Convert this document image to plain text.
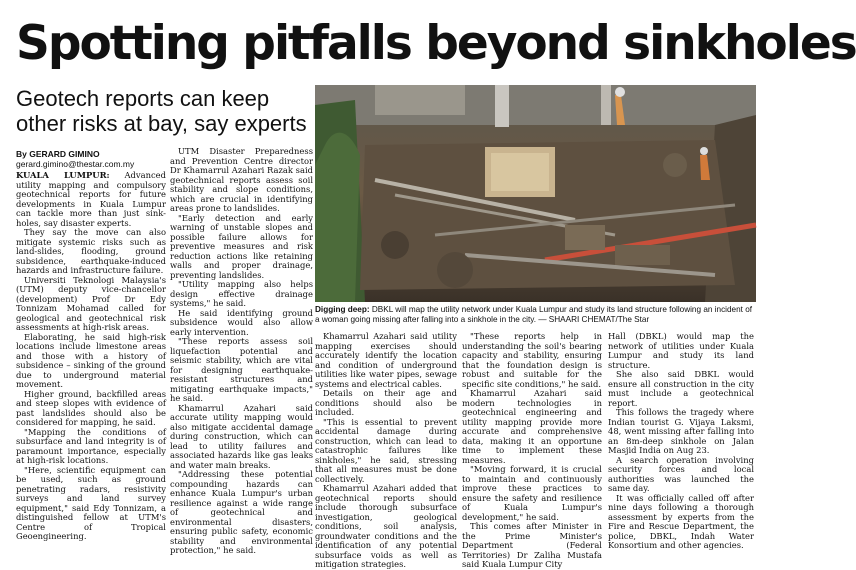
Spotting pitfalls beyond sinkholes
Geotech reports can keep other risks at bay, say experts
By GERARD GIMINO
gerard.gimino@thestar.com.my

KUALA LUMPUR: Advanced utility mapping and compulsory geotechnical reports for future developments in Kuala Lumpur can tackle more than just sink-holes, say disaster experts.

They say the move can also mitigate systemic risks such as land-slides, flooding, ground subsidence, earthquake-induced hazards and infrastructure failure.

Universiti Teknologi Malaysia's (UTM) deputy vice-chancellor (development) Prof Dr Edy Tonnizam Mohamad called for geological and geotechnical risk assessments at high-risk areas.

Elaborating, he said high-risk locations include limestone areas and those with a history of subsidence – sinking of the ground due to underground material movement.

Higher ground, backfilled areas and steep slopes with evidence of past landslides should also be considered for mapping, he said.

"Mapping the conditions of subsurface and land integrity is of paramount importance, especially at high-risk locations.

"Here, scientific equipment can be used, such as ground penetrating radars, resistivity surveys and land survey equipment," said Edy Tonnizam, a distinguished fellow at UTM's Centre of Tropical Geoengineering.

UTM Disaster Preparedness and Prevention Centre director Dr Khamarrul Azahari Razak said geotechnical reports assess soil stability and slope conditions, which are crucial in identifying areas prone to landslides.

"Early detection and early warning of unstable slopes and possible failure allows for preventive measures and risk reduction actions like retaining walls and proper drainage, preventing landslides.

"Utility mapping also helps design effective drainage systems," he said.

He said identifying ground subsidence would also allow early intervention.

"These reports assess soil liquefaction potential and seismic stability, which are vital for designing earthquake-resistant structures and mitigating earthquake impacts," he said.

Khamarrul Azahari said accurate utility mapping would also mitigate accidental damage during construction, which can lead to utility failures and associated hazards like gas leaks and water main breaks.

"Addressing these potential compounding hazards can enhance Kuala Lumpur's urban resilience against a wide range of geotechnical and environmental disasters, ensuring public safety, economic stability and environmental protection," he said.

Digging deep: DBKL will map the utility network under Kuala Lumpur and study its land structure following an incident of a woman going missing after falling into a sinkhole in the city. — SHAARI CHEMAT/The Star

Khamarrul Azahari said utility mapping exercises should accurately identify the location and condition of underground utilities like water pipes, sewage systems and electrical cables.

Details on their age and conditions should also be included.

"This is essential to prevent accidental damage during construction, which can lead to catastrophic failures like sinkholes," he said, stressing that all measures must be done collectively.

Khamarrul Azahari added that geotechnical reports should include thorough subsurface investigation, geological conditions, soil analysis, groundwater conditions and the identification of any potential subsurface voids as well as mitigation strategies.

"These reports help in understanding the soil's bearing capacity and stability, ensuring that the foundation design is robust and suitable for the specific site conditions," he said.

Khamarrul Azahari said modern technologies in geotechnical engineering and utility mapping provide more accurate and comprehensive data, making it an opportune time to implement these measures.

"Moving forward, it is crucial to maintain and continuously improve these practices to ensure the safety and resilience of Kuala Lumpur's development," he said.

This comes after Minister in the Prime Minister's Department (Federal Territories) Dr Zaliha Mustafa said Kuala Lumpur City

Hall (DBKL) would map the network of utilities under Kuala Lumpur and study its land structure.

She also said DBKL would ensure all construction in the city must include a geotechnical report.

This follows the tragedy where Indian tourist G. Vijaya Laksmi, 48, went missing after falling into an 8m-deep sinkhole on Jalan Masjid India on Aug 23.

A search operation involving security forces and local authorities was launched the same day.

It was officially called off after nine days following a thorough assessment by experts from the Fire and Rescue Department, the police, DBKL, Indah Water Konsortium and other agencies.
